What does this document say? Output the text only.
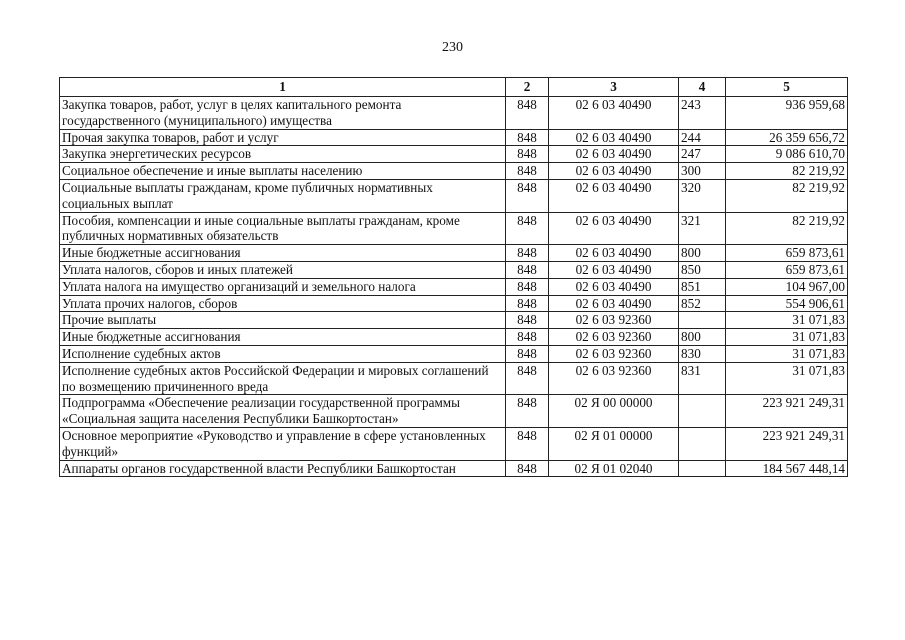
230
1	2	3	4	5
Закупка товаров, работ, услуг в целях капитального ремонта государственного (муниципального) имущества	848	02 6 03 40490	243	936 959,68
Прочая закупка товаров, работ и услуг	848	02 6 03 40490	244	26 359 656,72
Закупка энергетических ресурсов	848	02 6 03 40490	247	9 086 610,70
Социальное обеспечение и иные выплаты населению	848	02 6 03 40490	300	82 219,92
Социальные выплаты гражданам, кроме публичных нормативных социальных выплат	848	02 6 03 40490	320	82 219,92
Пособия, компенсации и иные социальные выплаты гражданам, кроме публичных нормативных обязательств	848	02 6 03 40490	321	82 219,92
Иные бюджетные ассигнования	848	02 6 03 40490	800	659 873,61
Уплата налогов, сборов и иных платежей	848	02 6 03 40490	850	659 873,61
Уплата налога на имущество организаций и земельного налога	848	02 6 03 40490	851	104 967,00
Уплата прочих налогов, сборов	848	02 6 03 40490	852	554 906,61
Прочие выплаты	848	02 6 03 92360		31 071,83
Иные бюджетные ассигнования	848	02 6 03 92360	800	31 071,83
Исполнение судебных актов	848	02 6 03 92360	830	31 071,83
Исполнение судебных актов Российской Федерации и мировых соглашений по возмещению причиненного вреда	848	02 6 03 92360	831	31 071,83
Подпрограмма «Обеспечение реализации государственной программы «Социальная защита населения Республики Башкортостан»	848	02 Я 00 00000		223 921 249,31
Основное мероприятие «Руководство и управление в сфере установленных функций»	848	02 Я 01 00000		223 921 249,31
Аппараты органов государственной власти Республики Башкортостан	848	02 Я 01 02040		184 567 448,14
